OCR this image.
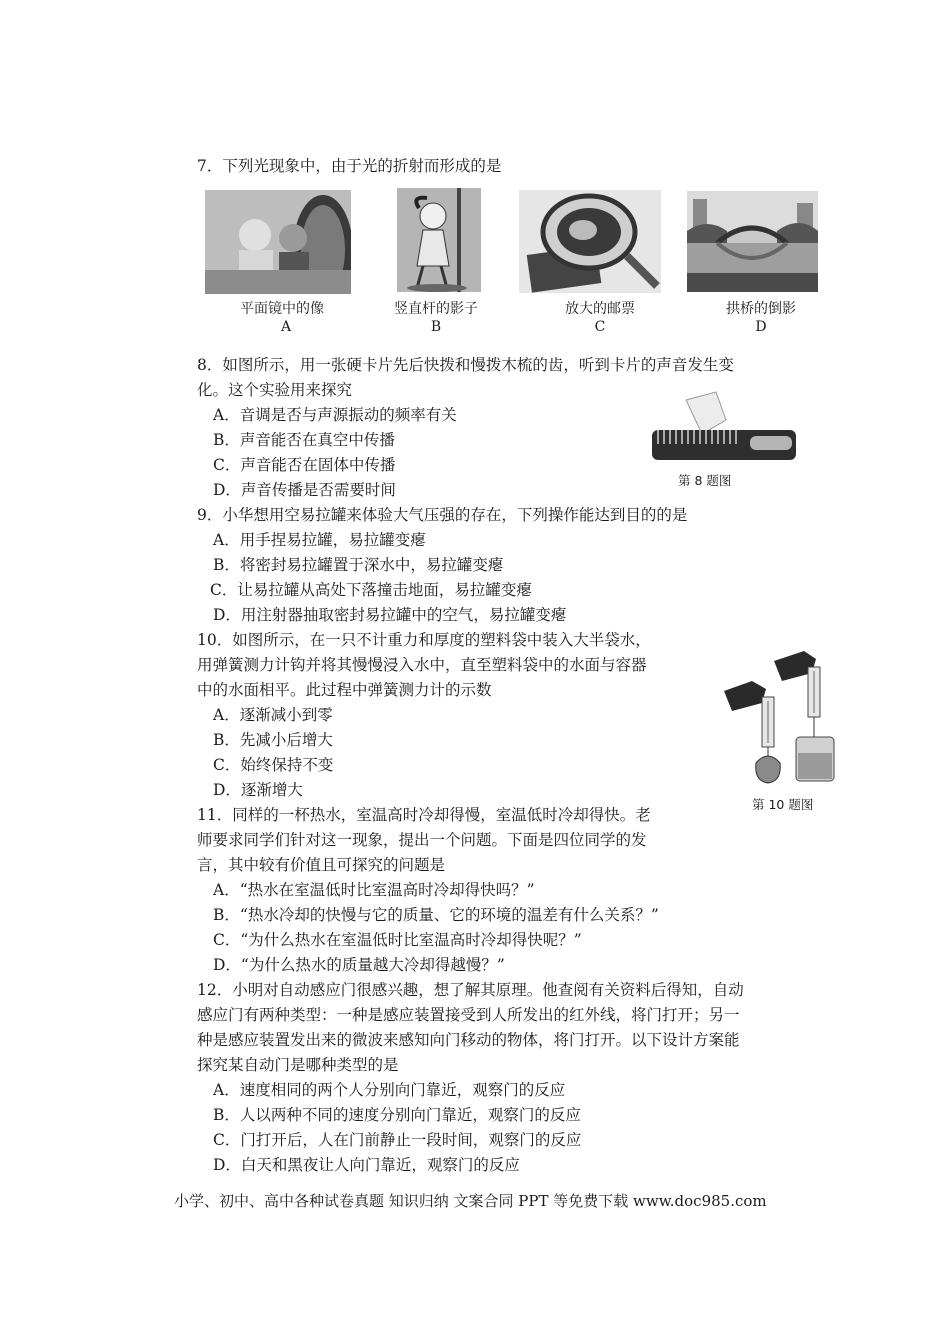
7．下列光现象中，由于光的折射而形成的是
平面镜中的像
A
竖直杆的影子
B
放大的邮票
C
拱桥的倒影
D
8．如图所示，用一张硬卡片先后快拨和慢拨木梳的齿，听到卡片的声音发生变
化。这个实验用来探究
A．音调是否与声源振动的频率有关
B．声音能否在真空中传播
C．声音能否在固体中传播
D．声音传播是否需要时间
第 8 题图
9．小华想用空易拉罐来体验大气压强的存在，下列操作能达到目的的是
A．用手捏易拉罐，易拉罐变瘪
B．将密封易拉罐置于深水中，易拉罐变瘪
C．让易拉罐从高处下落撞击地面，易拉罐变瘪
D．用注射器抽取密封易拉罐中的空气，易拉罐变瘪
10．如图所示，在一只不计重力和厚度的塑料袋中装入大半袋水，
用弹簧测力计钩并将其慢慢浸入水中，直至塑料袋中的水面与容器
中的水面相平。此过程中弹簧测力计的示数
A．逐渐减小到零
B．先减小后增大
C．始终保持不变
D．逐渐增大
第 10 题图
11．同样的一杯热水，室温高时冷却得慢，室温低时冷却得快。老
师要求同学们针对这一现象，提出一个问题。下面是四位同学的发
言，其中较有价值且可探究的问题是
A．“热水在室温低时比室温高时冷却得快吗？”
B．“热水冷却的快慢与它的质量、它的环境的温差有什么关系？”
C．“为什么热水在室温低时比室温高时冷却得快呢？”
D．“为什么热水的质量越大冷却得越慢？”
12．小明对自动感应门很感兴趣，想了解其原理。他查阅有关资料后得知，自动
感应门有两种类型：一种是感应装置接受到人所发出的红外线，将门打开；另一
种是感应装置发出来的微波来感知向门移动的物体，将门打开。以下设计方案能
探究某自动门是哪种类型的是
A．速度相同的两个人分别向门靠近，观察门的反应
B．人以两种不同的速度分别向门靠近，观察门的反应
C．门打开后，人在门前静止一段时间，观察门的反应
D．白天和黑夜让人向门靠近，观察门的反应
小学、初中、高中各种试卷真题 知识归纳 文案合同 PPT 等免费下载 www.doc985.com
